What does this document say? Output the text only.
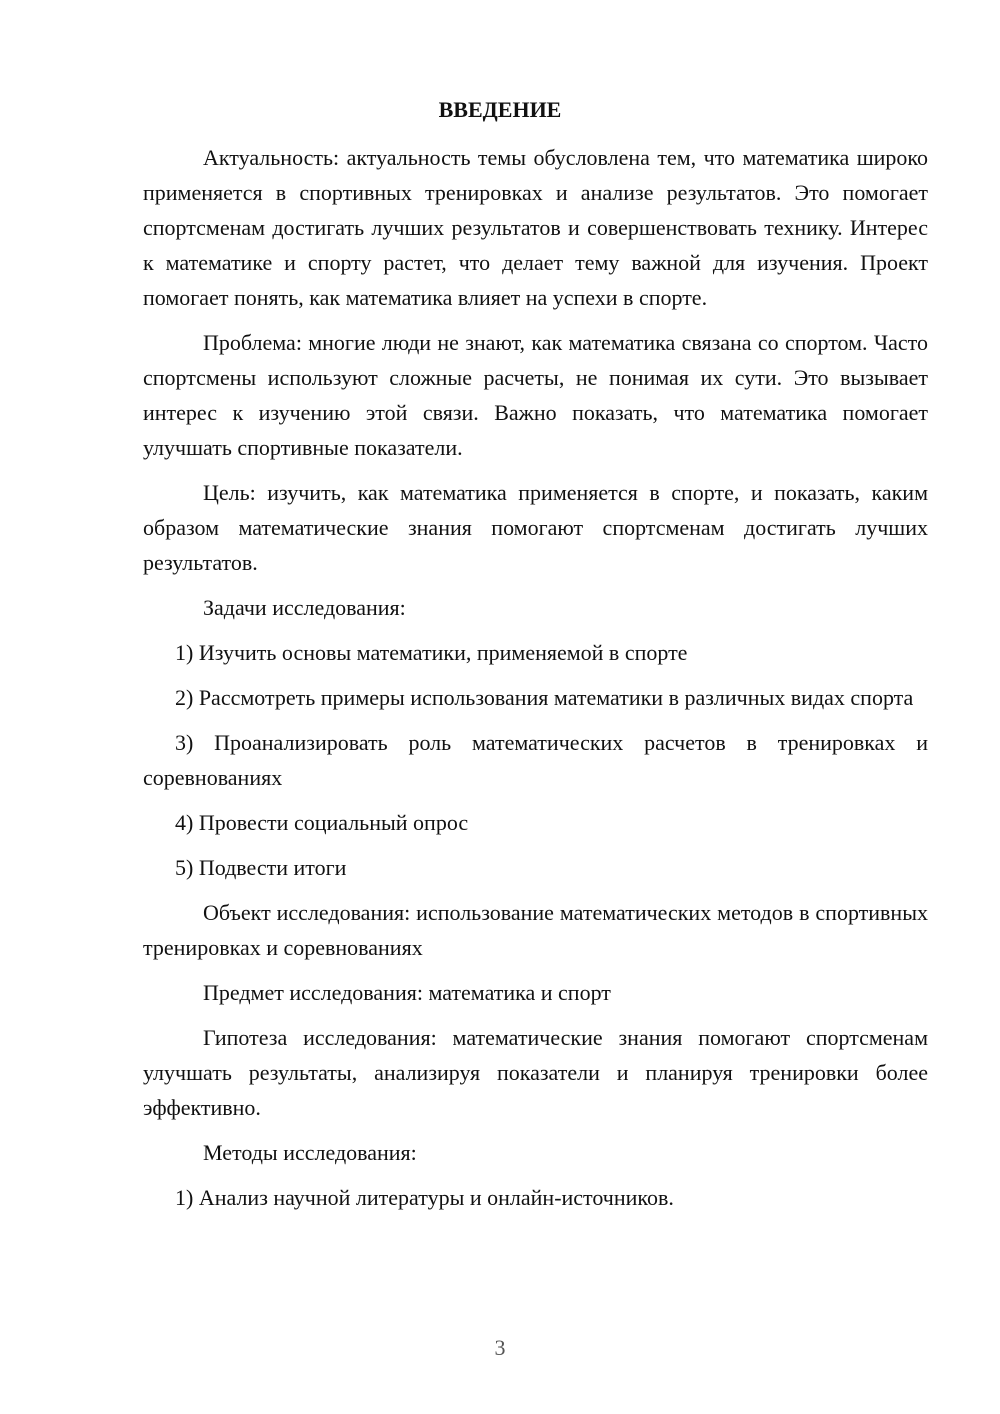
ВВЕДЕНИЕ

Актуальность: актуальность темы обусловлена тем, что математика широко применяется в спортивных тренировках и анализе результатов. Это помогает спортсменам достигать лучших результатов и совершенствовать технику. Интерес к математике и спорту растет, что делает тему важной для изучения. Проект помогает понять, как математика влияет на успехи в спорте.

Проблема: многие люди не знают, как математика связана со спортом. Часто спортсмены используют сложные расчеты, не понимая их сути. Это вызывает интерес к изучению этой связи. Важно показать, что математика помогает улучшать спортивные показатели.

Цель: изучить, как математика применяется в спорте, и показать, каким образом математические знания помогают спортсменам достигать лучших результатов.

Задачи исследования:

1) Изучить основы математики, применяемой в спорте

2) Рассмотреть примеры использования математики в различных видах спорта

3) Проанализировать роль математических расчетов в тренировках и соревнованиях

4) Провести социальный опрос

5) Подвести итоги

Объект исследования: использование математических методов в спортивных тренировках и соревнованиях

Предмет исследования: математика и спорт

Гипотеза исследования: математические знания помогают спортсменам улучшать результаты, анализируя показатели и планируя тренировки более эффективно.

Методы исследования:

1) Анализ научной литературы и онлайн-источников.

3
